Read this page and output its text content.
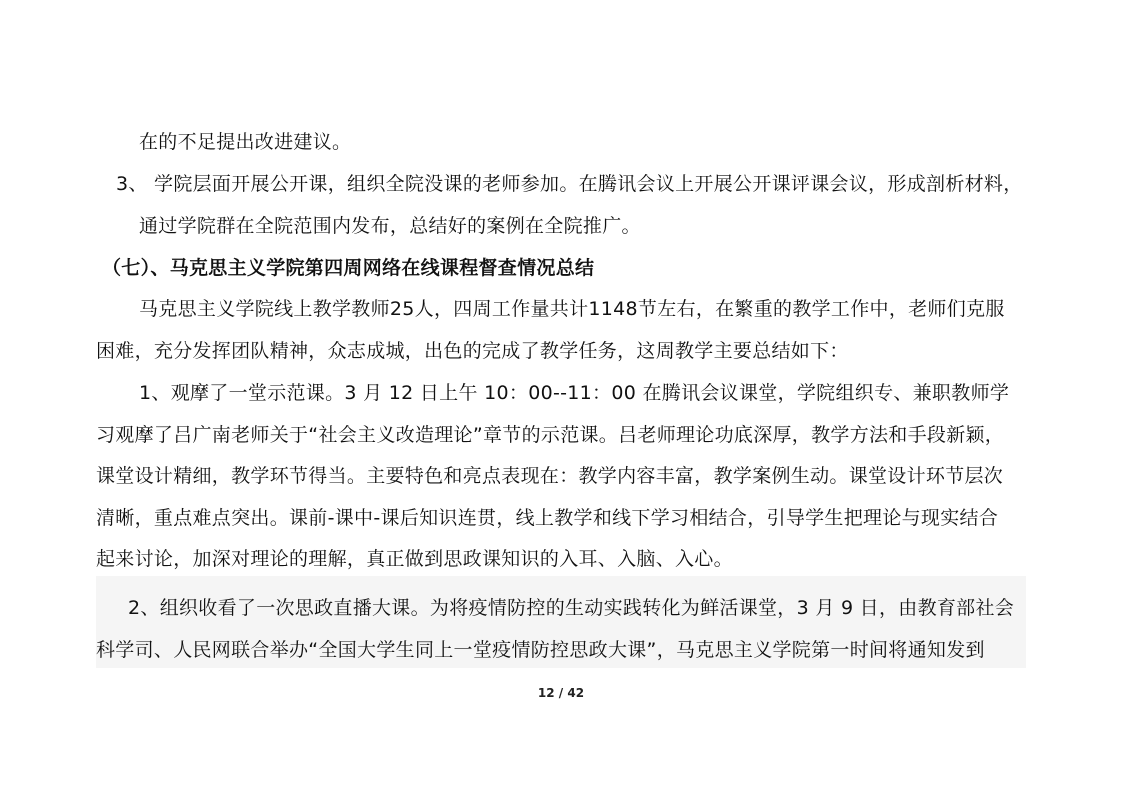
在的不足提出改进建议。
3、 学院层面开展公开课，组织全院没课的老师参加。在腾讯会议上开展公开课评课会议，形成剖析材料，
通过学院群在全院范围内发布，总结好的案例在全院推广。
（七）、马克思主义学院第四周网络在线课程督查情况总结
马克思主义学院线上教学教师25人，四周工作量共计1148节左右，在繁重的教学工作中，老师们克服
困难，充分发挥团队精神，众志成城，出色的完成了教学任务，这周教学主要总结如下：
1、观摩了一堂示范课。3 月 12 日上午 10：00--11：00 在腾讯会议课堂，学院组织专、兼职教师学
习观摩了吕广南老师关于“社会主义改造理论”章节的示范课。吕老师理论功底深厚，教学方法和手段新颖，
课堂设计精细，教学环节得当。主要特色和亮点表现在：教学内容丰富，教学案例生动。课堂设计环节层次
清晰，重点难点突出。课前-课中-课后知识连贯，线上教学和线下学习相结合，引导学生把理论与现实结合
起来讨论，加深对理论的理解，真正做到思政课知识的入耳、入脑、入心。
2、组织收看了一次思政直播大课。为将疫情防控的生动实践转化为鲜活课堂，3 月 9 日，由教育部社会
科学司、人民网联合举办“全国大学生同上一堂疫情防控思政大课”，马克思主义学院第一时间将通知发到
12 / 42
